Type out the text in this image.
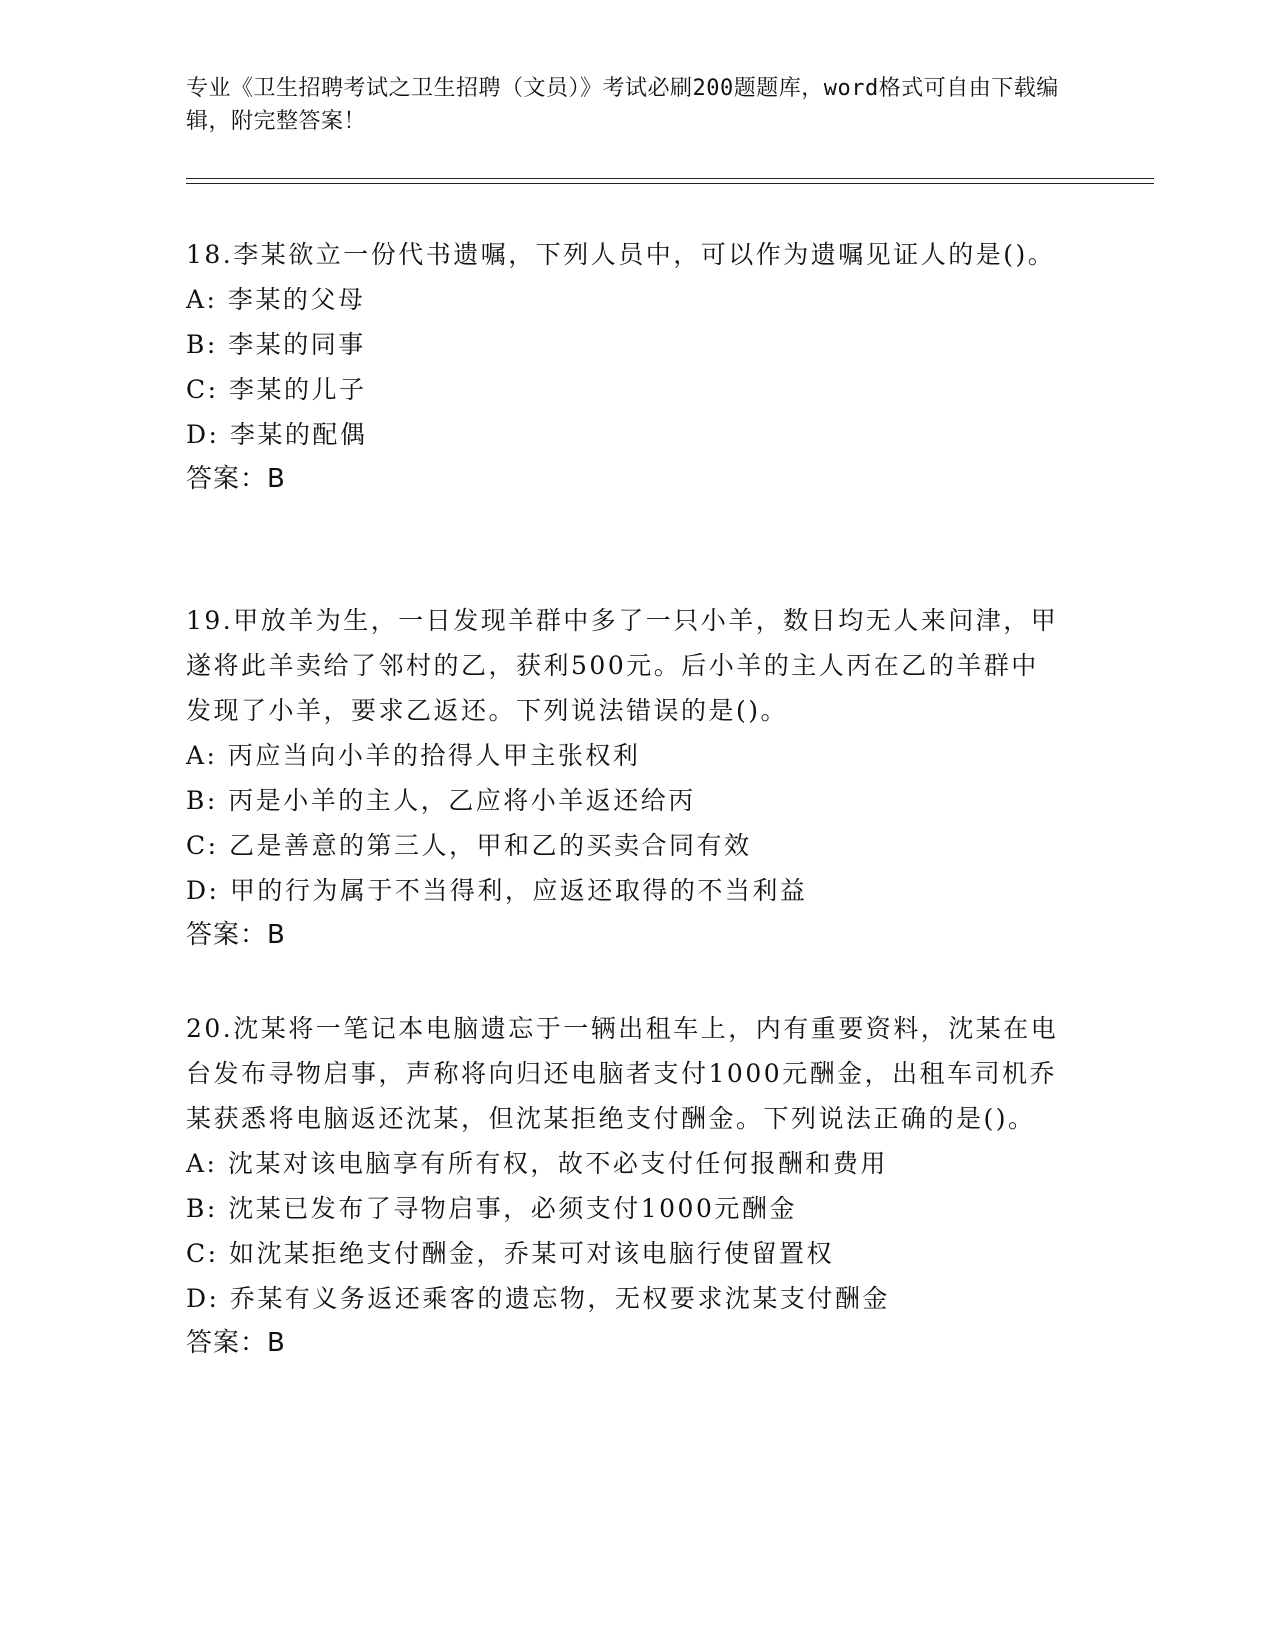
专业《卫生招聘考试之卫生招聘（文员）》考试必刷200题题库，word格式可自由下载编辑，附完整答案！
18.李某欲立一份代书遗嘱，下列人员中，可以作为遗嘱见证人的是()。
A: 李某的父母
B: 李某的同事
C: 李某的儿子
D: 李某的配偶
答案：B
19.甲放羊为生，一日发现羊群中多了一只小羊，数日均无人来问津，甲遂将此羊卖给了邻村的乙，获利500元。后小羊的主人丙在乙的羊群中发现了小羊，要求乙返还。下列说法错误的是()。
A: 丙应当向小羊的拾得人甲主张权利
B: 丙是小羊的主人，乙应将小羊返还给丙
C: 乙是善意的第三人，甲和乙的买卖合同有效
D: 甲的行为属于不当得利，应返还取得的不当利益
答案：B
20.沈某将一笔记本电脑遗忘于一辆出租车上，内有重要资料，沈某在电台发布寻物启事，声称将向归还电脑者支付1000元酬金，出租车司机乔某获悉将电脑返还沈某，但沈某拒绝支付酬金。下列说法正确的是()。
A: 沈某对该电脑享有所有权，故不必支付任何报酬和费用
B: 沈某已发布了寻物启事，必须支付1000元酬金
C: 如沈某拒绝支付酬金，乔某可对该电脑行使留置权
D: 乔某有义务返还乘客的遗忘物，无权要求沈某支付酬金
答案：B
